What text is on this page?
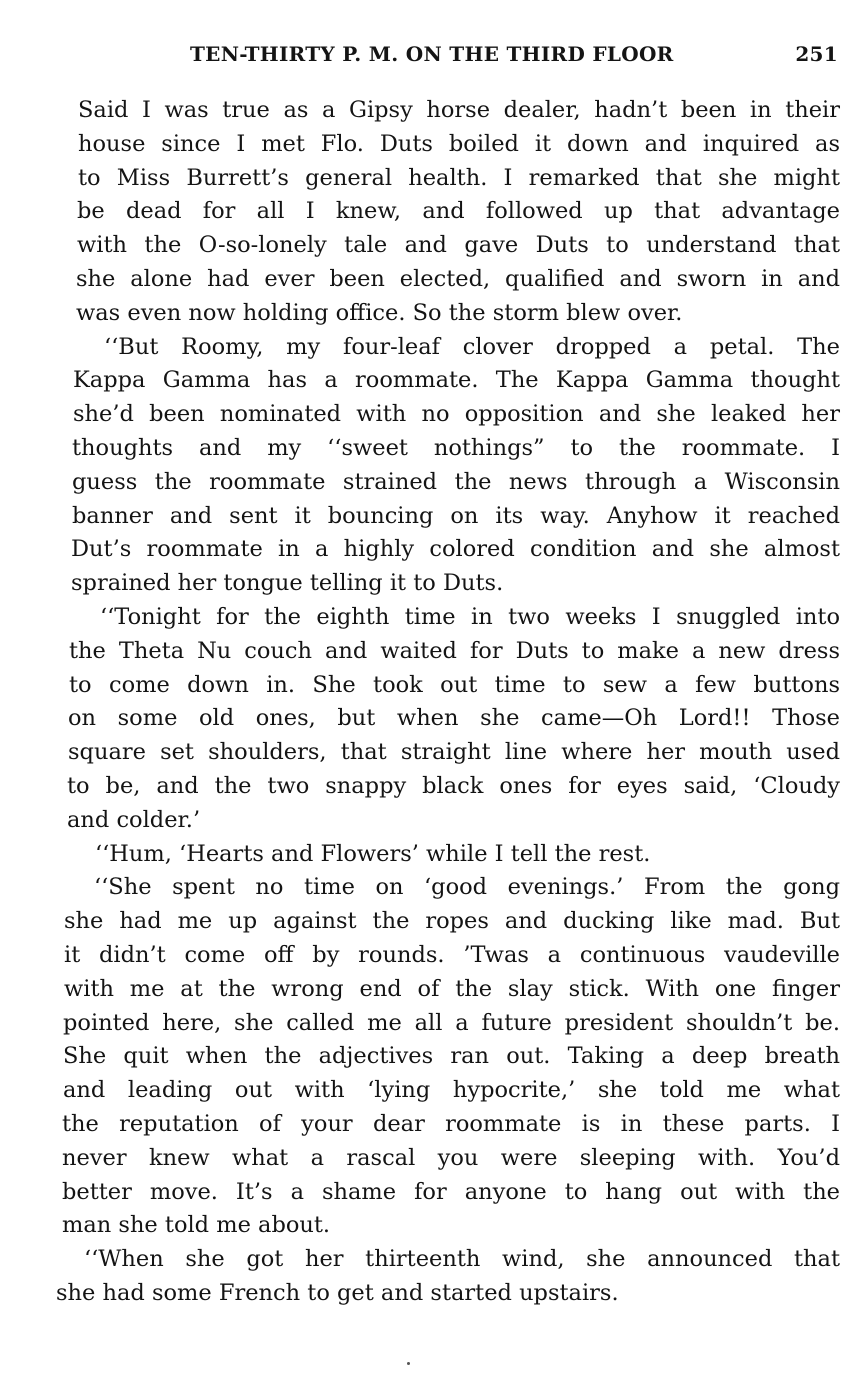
TEN-THIRTY P. M. ON THE THIRD FLOOR	251
Said I was true as a Gipsy horse dealer, hadn’t been in their
house since I met Flo. Duts boiled it down and inquired as
to Miss Burrett’s general health. I remarked that she might
be dead for all I knew, and followed up that advantage
with the O-so-lonely tale and gave Duts to understand that
she alone had ever been elected, qualified and sworn in and
was even now holding office. So the storm blew over.
‘‘But Roomy, my four-leaf clover dropped a petal. The
Kappa Gamma has a roommate. The Kappa Gamma thought
she’d been nominated with no opposition and she leaked her
thoughts and my ‘‘sweet nothings” to the roommate. I
guess the roommate strained the news through a Wisconsin
banner and sent it bouncing on its way. Anyhow it reached
Dut’s roommate in a highly colored condition and she almost
sprained her tongue telling it to Duts.
‘‘Tonight for the eighth time in two weeks I snuggled into
the Theta Nu couch and waited for Duts to make a new dress
to come down in. She took out time to sew a few buttons
on some old ones, but when she came—Oh Lord!! Those
square set shoulders, that straight line where her mouth used
to be, and the two snappy black ones for eyes said, ‘Cloudy
and colder.’
‘‘Hum, ‘Hearts and Flowers’ while I tell the rest.
‘‘She spent no time on ‘good evenings.’ From the gong
she had me up against the ropes and ducking like mad. But
it didn’t come off by rounds. ’Twas a continuous vaudeville
with me at the wrong end of the slay stick. With one finger
pointed here, she called me all a future president shouldn’t be.
She quit when the adjectives ran out. Taking a deep breath
and leading out with ‘lying hypocrite,’ she told me what
the reputation of your dear roommate is in these parts. I
never knew what a rascal you were sleeping with. You’d
better move. It’s a shame for anyone to hang out with the
man she told me about.
‘‘When she got her thirteenth wind, she announced that
she had some French to get and started upstairs.
